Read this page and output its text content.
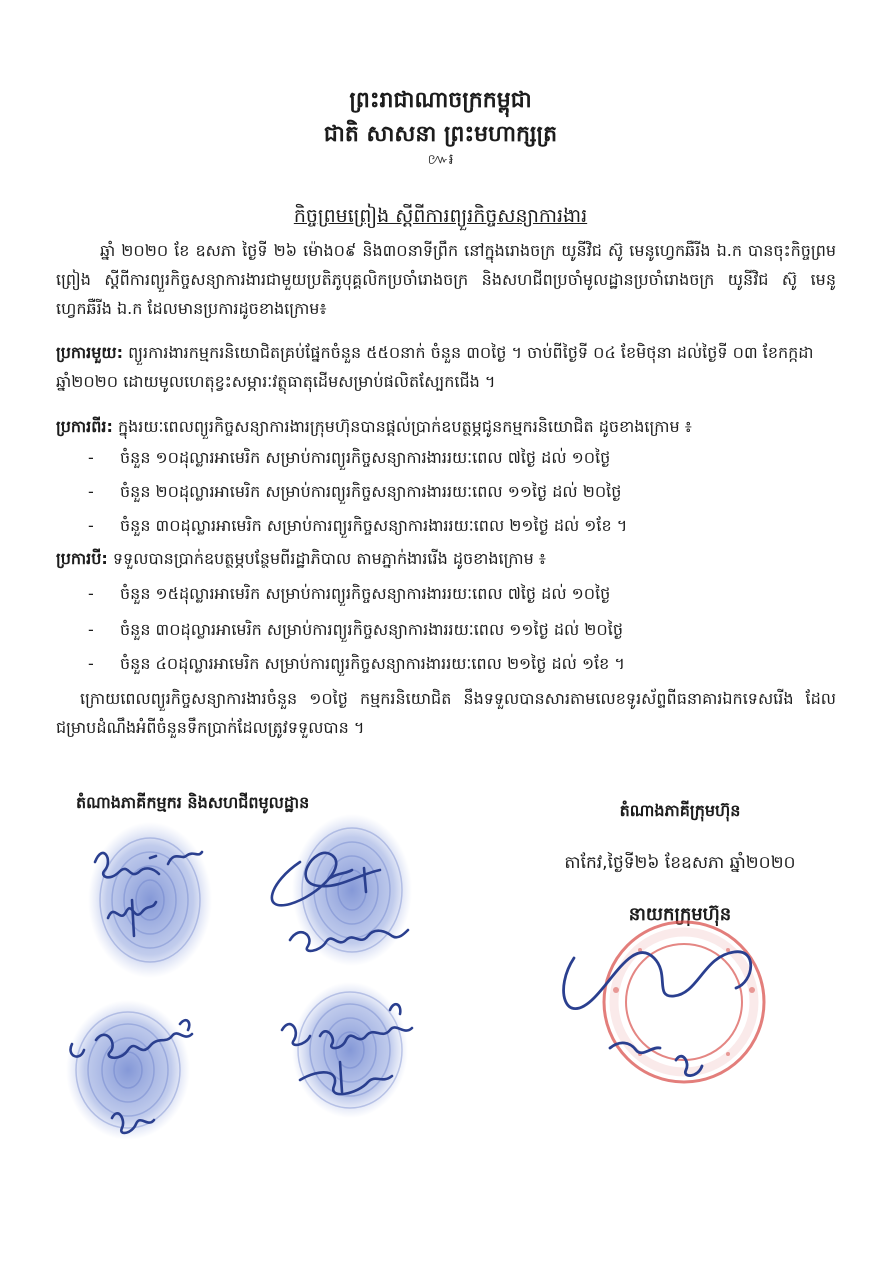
ព្រះរាជាណាចក្រកម្ពុជា
ជាតិ សាសនា ព្រះមហាក្សត្រ
៚៛
កិច្ចព្រមព្រៀង ស្តីពីការព្យួរកិច្ចសន្យាការងារ
ឆ្នាំ ២០២០ ខែ ឧសភា ថ្ងៃទី ២៦ ម៉ោង០៩ និង៣០នាទីព្រឹក នៅក្នុងរោងចក្រ យូនីវិជ ស៊ូ មេនូហ្វេកឆឺរីង ឯ.ក បានចុះកិច្ចព្រមព្រៀង ស្តីពីការព្យួរកិច្ចសន្យាការងារជាមួយប្រតិភូបុគ្គលិកប្រចាំរោងចក្រ និងសហជីពប្រចាំមូលដ្ឋានប្រចាំរោងចក្រ យូនីវិជ ស៊ូ មេនូហ្វេកឆឺរីង ឯ.ក ដែលមានប្រការដូចខាងក្រោម៖
ប្រការមួយ: ព្យួរការងារកម្មករនិយោជិតគ្រប់ផ្នែកចំនួន ៥៥០នាក់ ចំនួន ៣០ថ្ងៃ ។ ចាប់ពីថ្ងៃទី ០៤ ខែមិថុនា ដល់ថ្ងៃទី ០៣ ខែកក្កដា ឆ្នាំ២០២០ ដោយមូលហេតុខ្វះសម្ភារៈវត្ថុធាតុដើមសម្រាប់ផលិតស្បែកជើង ។
ប្រការពីរ: ក្នុងរយៈពេលព្យួរកិច្ចសន្យាការងារក្រុមហ៊ុនបានផ្តល់ប្រាក់ឧបត្ថម្ភជូនកម្មករនិយោជិត ដូចខាងក្រោម ៖
- ចំនួន ១០ដុល្លារអាមេរិក សម្រាប់ការព្យួរកិច្ចសន្យាការងាររយៈពេល ៧ថ្ងៃ ដល់ ១០ថ្ងៃ
- ចំនួន ២០ដុល្លារអាមេរិក សម្រាប់ការព្យួរកិច្ចសន្យាការងាររយៈពេល ១១ថ្ងៃ ដល់ ២០ថ្ងៃ
- ចំនួន ៣០ដុល្លារអាមេរិក សម្រាប់ការព្យួរកិច្ចសន្យាការងាររយៈពេល ២១ថ្ងៃ ដល់ ១ខែ ។
ប្រការបី: ទទួលបានប្រាក់ឧបត្ថម្ភបន្ថែមពីរដ្ឋាភិបាល តាមភ្នាក់ងាររើង ដូចខាងក្រោម ៖
- ចំនួន ១៥ដុល្លារអាមេរិក សម្រាប់ការព្យួរកិច្ចសន្យាការងាររយៈពេល ៧ថ្ងៃ ដល់ ១០ថ្ងៃ
- ចំនួន ៣០ដុល្លារអាមេរិក សម្រាប់ការព្យួរកិច្ចសន្យាការងាររយៈពេល ១១ថ្ងៃ ដល់ ២០ថ្ងៃ
- ចំនួន ៤០ដុល្លារអាមេរិក សម្រាប់ការព្យួរកិច្ចសន្យាការងាររយៈពេល ២១ថ្ងៃ ដល់ ១ខែ ។
ក្រោយពេលព្យួរកិច្ចសន្យាការងារចំនួន ១០ថ្ងៃ កម្មករនិយោជិត នឹងទទួលបានសារតាមលេខទូរស័ព្ទពីធនាគារឯកទេសរើង ដែលជម្រាបដំណឹងអំពីចំនួនទឹកប្រាក់ដែលត្រូវទទួលបាន ។
តំណាងភាគីកម្មករ និងសហជីពមូលដ្ឋាន	តំណាងភាគីក្រុមហ៊ុន
តាកែវ,ថ្ងៃទី២៦ ខែឧសភា ឆ្នាំ២០២០
នាយកក្រុមហ៊ុន
